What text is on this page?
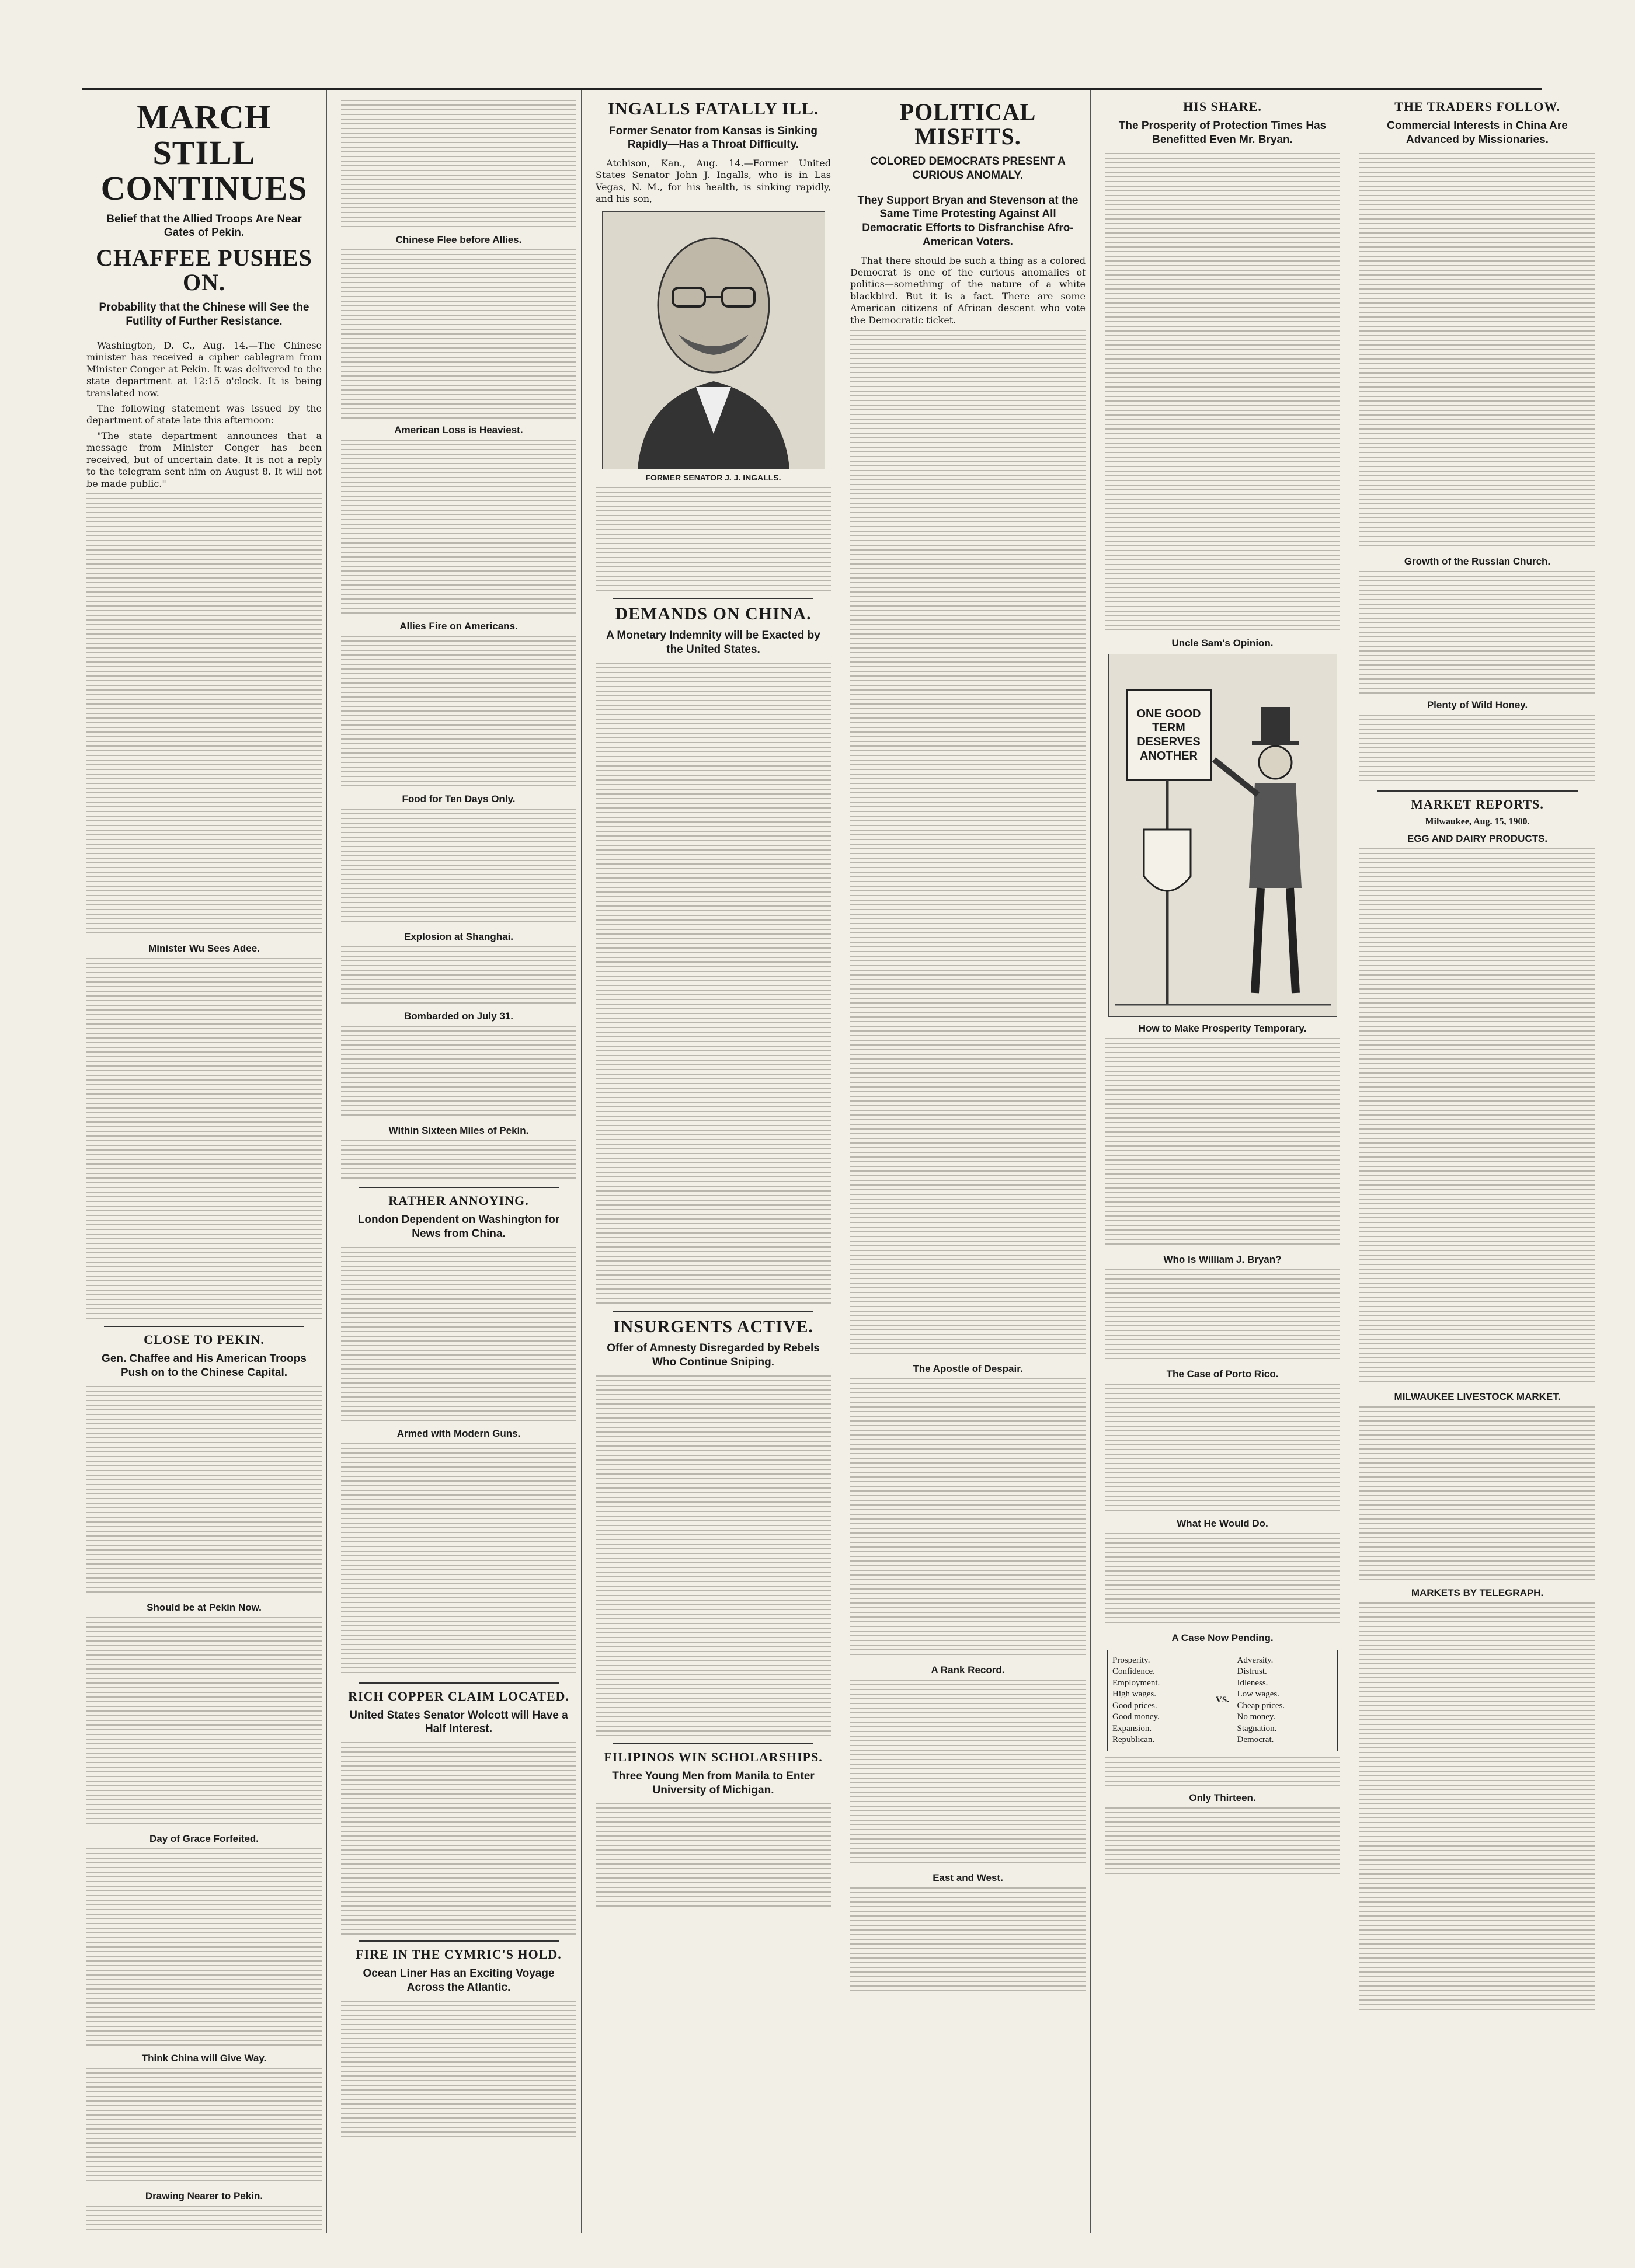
MARCH STILL CONTINUES
Belief that the Allied Troops Are Near Gates of Pekin.
CHAFFEE PUSHES ON.
Probability that the Chinese will See the Futility of Further Resistance.

Washington, D. C., Aug. 14.—The Chinese minister has received a cipher cablegram from Minister Conger at Pekin. It was delivered to the state department at 12:15 o'clock. It is being translated now.

The following statement was issued by the department of state late this afternoon:

"The state department announces that a message from Minister Conger has been received, but of uncertain date. It is not a reply to the telegram sent him on August 8. It will not be made public."

Minister Wu Sees Adee.
CLOSE TO PEKIN.
Gen. Chaffee and His American Troops Push on to the Chinese Capital.
Should be at Pekin Now.
Day of Grace Forfeited.
Think China will Give Way.
Drawing Nearer to Pekin.
Chinese Flee before Allies.
American Loss is Heaviest.
Allies Fire on Americans.
Food for Ten Days Only.
Explosion at Shanghai.
Bombarded on July 31.
Within Sixteen Miles of Pekin.
RATHER ANNOYING.
London Dependent on Washington for News from China.
Armed with Modern Guns.
RICH COPPER CLAIM LOCATED.
United States Senator Wolcott will Have a Half Interest.
FIRE IN THE CYMRIC'S HOLD.
Ocean Liner Has an Exciting Voyage Across the Atlantic.
INGALLS FATALLY ILL.
Former Senator from Kansas is Sinking Rapidly—Has a Throat Difficulty.

Atchison, Kan., Aug. 14.—Former United States Senator John J. Ingalls, who is in Las Vegas, N. M., for his health, is sinking rapidly, and his son,

FORMER SENATOR J. J. INGALLS.
DEMANDS ON CHINA.
A Monetary Indemnity will be Exacted by the United States.
INSURGENTS ACTIVE.
Offer of Amnesty Disregarded by Rebels Who Continue Sniping.
FILIPINOS WIN SCHOLARSHIPS.
Three Young Men from Manila to Enter University of Michigan.
POLITICAL MISFITS.
COLORED DEMOCRATS PRESENT A CURIOUS ANOMALY.
They Support Bryan and Stevenson at the Same Time Protesting Against All Democratic Efforts to Disfranchise Afro-American Voters.

That there should be such a thing as a colored Democrat is one of the curious anomalies of politics—something of the nature of a white blackbird. But it is a fact. There are some American citizens of African descent who vote the Democratic ticket.

The Apostle of Despair.
A Rank Record.
East and West.
HIS SHARE.
The Prosperity of Protection Times Has Benefitted Even Mr. Bryan.
Uncle Sam's Opinion.
ONE GOOD TERM DESERVES ANOTHER
How to Make Prosperity Temporary.
Who Is William J. Bryan?
The Case of Porto Rico.
What He Would Do.
A Case Now Pending.
Prosperity.
Confidence.
Employment.
High wages.
Good prices.
Good money.
Expansion.
Republican.
VS.
Adversity.
Distrust.
Idleness.
Low wages.
Cheap prices.
No money.
Stagnation.
Democrat.
Only Thirteen.
THE TRADERS FOLLOW.
Commercial Interests in China Are Advanced by Missionaries.
Growth of the Russian Church.
Plenty of Wild Honey.
MARKET REPORTS.
Milwaukee, Aug. 15, 1900.
EGG AND DAIRY PRODUCTS.
MILWAUKEE LIVESTOCK MARKET.
MARKETS BY TELEGRAPH.
